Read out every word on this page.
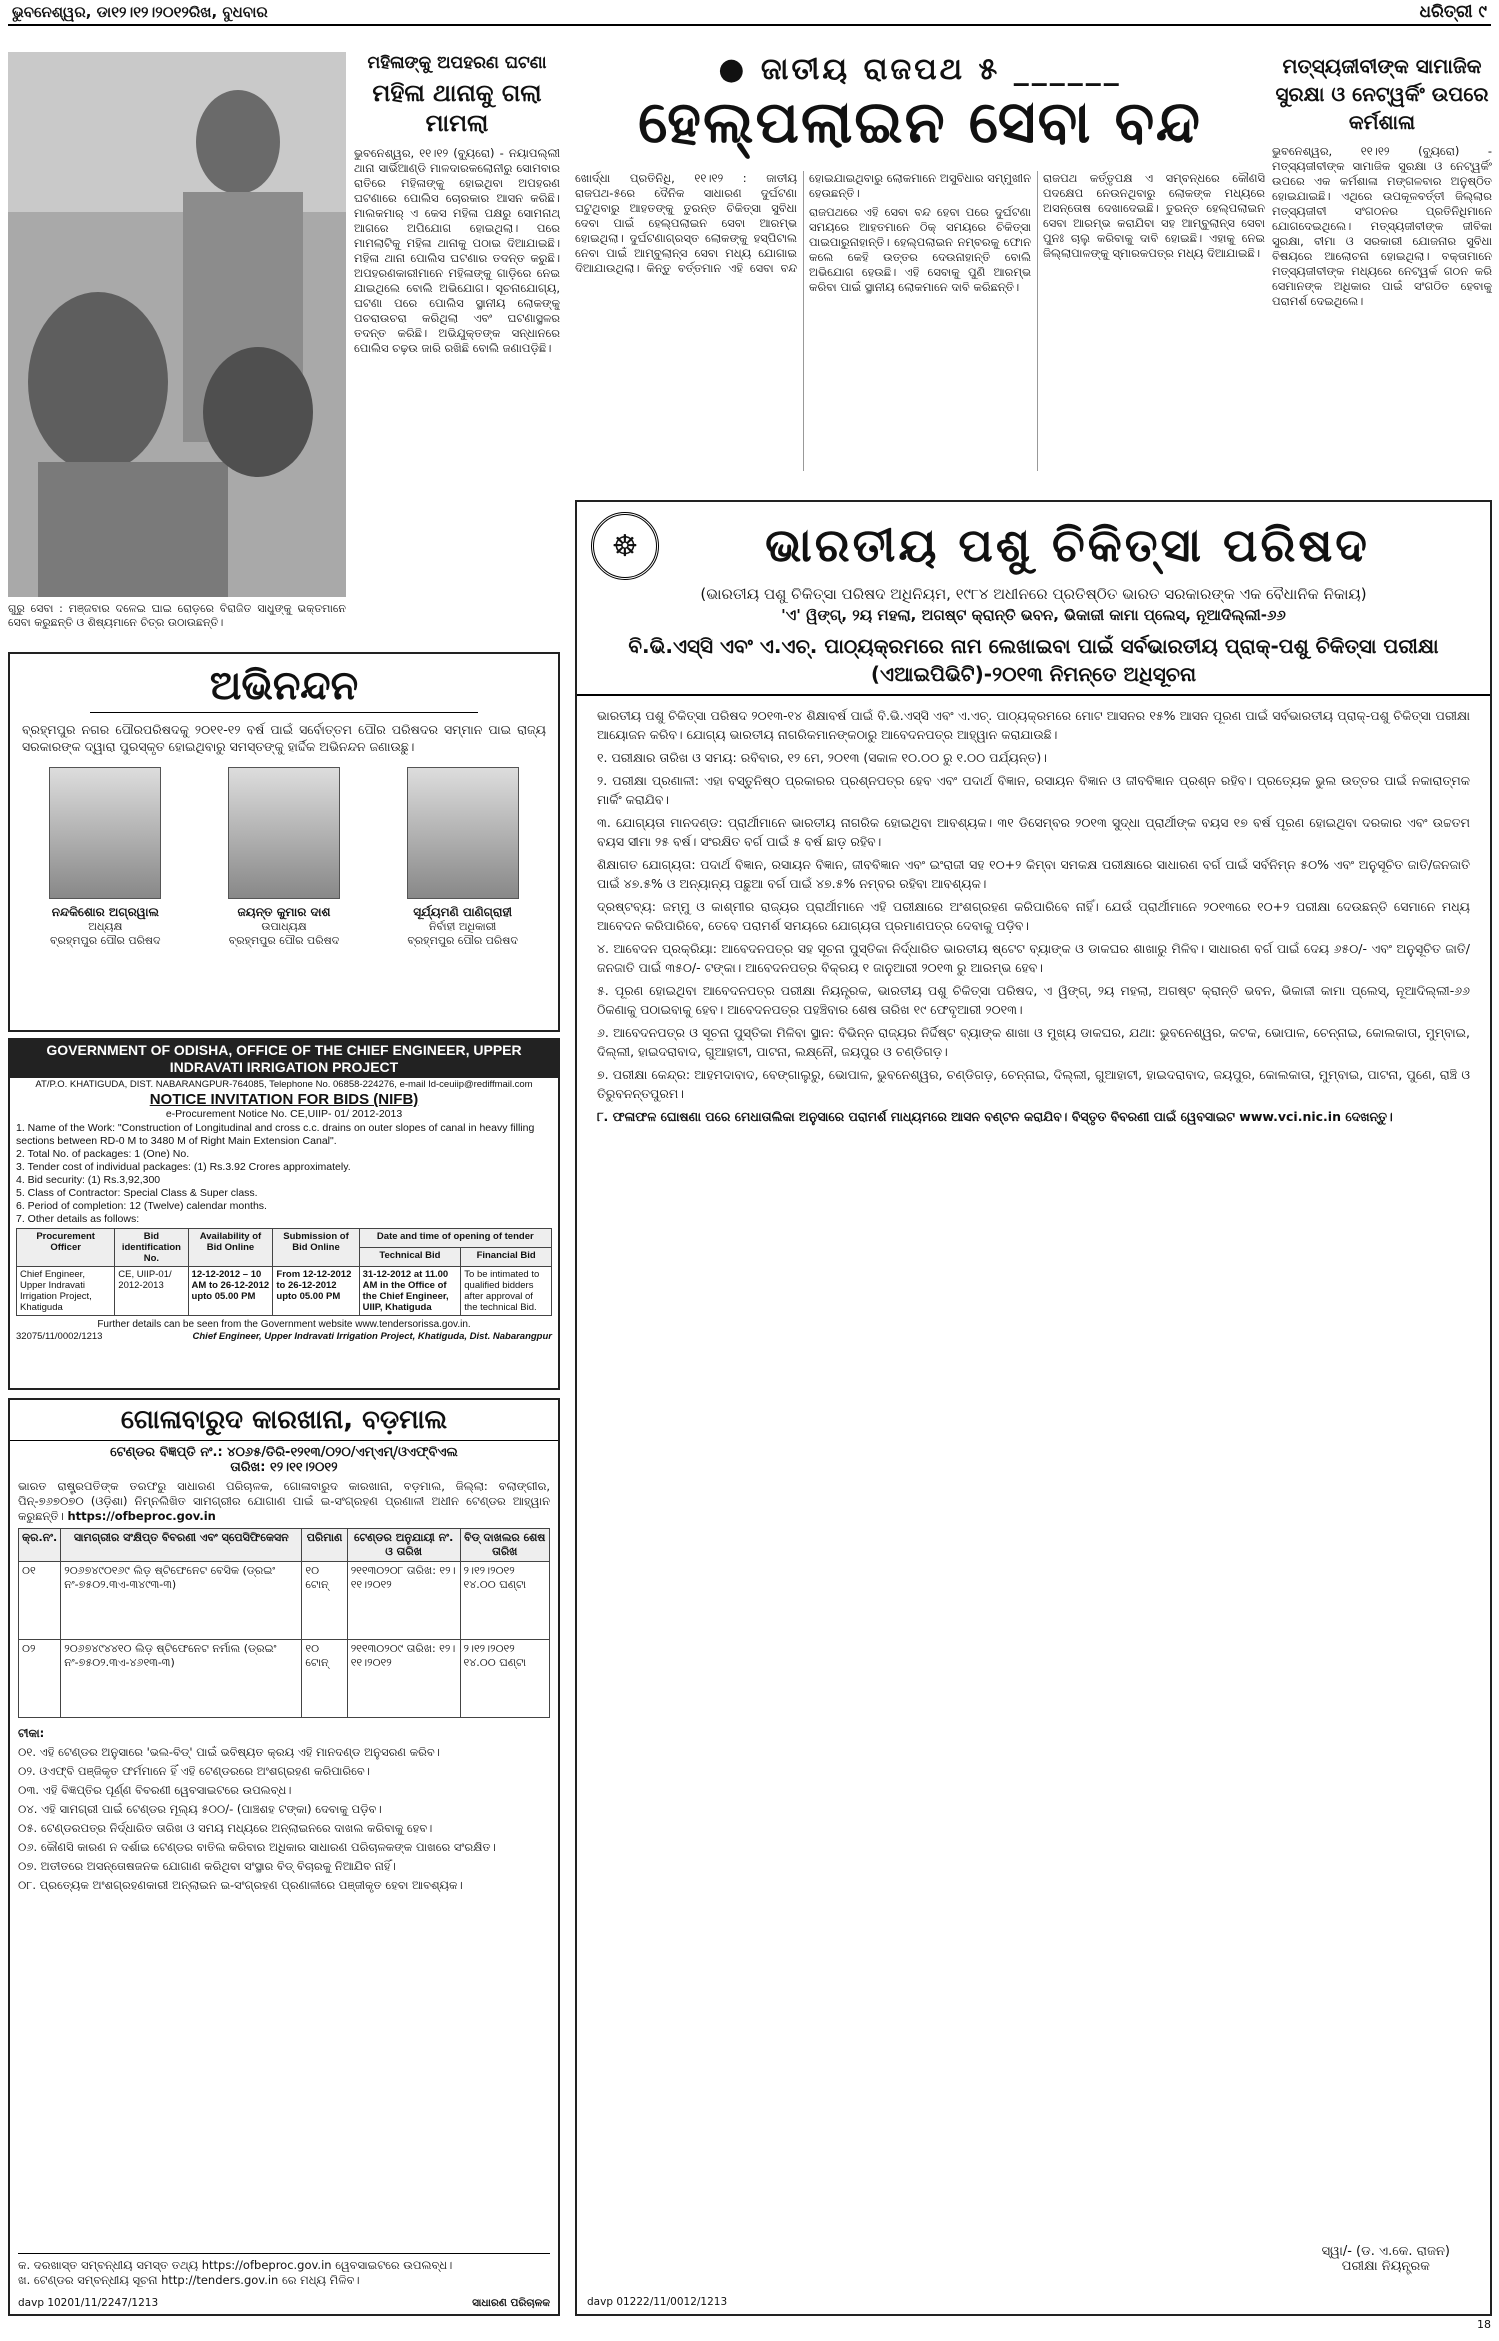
ଭୁବନେଶ୍ୱର, ଡା୧୨।୧୨।୨୦୧୨ରିଖ, ବୁଧବାର	ଧରିତ୍ରୀ ୯
ମହିଳାଙ୍କୁ ଅପହରଣ ଘଟଣା
ମହିଳା ଥାନାକୁ ଗଲା ମାମଲା
ଭୁବନେଶ୍ୱର, ୧୧।୧୨ (ବ୍ୟୁରୋ) - ନୟାପଲ୍ଲୀ ଥାନା ସାର୍ଭିଆଣ୍ଡି ମାଳଦାରକଲୋନୀରୁ ସୋମବାର ରାତିରେ ମହିଳାଙ୍କୁ ହୋଇଥିବା ଅପହରଣ ଘଟଣାରେ ପୋଲିସ ଚୋରକାର ଆସନ କରିଛି। ମାଲକମାର୍ ଏ କେସ ମହିଳା ପକ୍ଷରୁ ସୋମନାଥ୍ ଆଗରେ ଅପିଯୋଗ ହୋଇଥିଲା। ପରେ ମାମଲାଟିକୁ ମହିଳା ଥାନାକୁ ପଠାଇ ଦିଆଯାଇଛି। ମହିଳା ଥାନା ପୋଲିସ ଘଟଣାର ତଦନ୍ତ କରୁଛି। ଅପହରଣକାରୀମାନେ ମହିଳାଙ୍କୁ ଗାଡ଼ିରେ ନେଇ ଯାଇଥିଲେ ବୋଲି ଅଭିଯୋଗ। ସୂଚନାଯୋଗ୍ୟ, ଘଟଣା ପରେ ପୋଲିସ ସ୍ଥାନୀୟ ଲୋକଙ୍କୁ ପଚରାଉଚରା କରିଥିଲା ଏବଂ ଘଟଣାସ୍ଥଳର ତଦନ୍ତ କରିଛି। ଅଭିଯୁକ୍ତଙ୍କ ସନ୍ଧାନରେ ପୋଲିସ ଚଢ଼ଉ ଜାରି ରଖିଛି ବୋଲି ଜଣାପଡ଼ିଛି।
ଗୁରୁ ସେବା : ମଞ୍ଜବାର ଦଳେଇ ଘାଇ ରୋଡ଼ରେ ବିରାଜିତ ସାଧୁଙ୍କୁ ଭକ୍ତମାନେ ସେବା କରୁଛନ୍ତି ଓ ଶିଷ୍ୟମାନେ ଚିତ୍ର ଉଠାଉଛନ୍ତି।
● ଜାତୀୟ ରାଜପଥ ୫ ______
ହେଲ୍‌ପଲାଇନ ସେବା ବନ୍ଦ

ଖୋର୍ଦ୍ଧା ପ୍ରତିନିଧି, ୧୧।୧୨ : ଜାତୀୟ ରାଜପଥ-୫ରେ ଦୈନିକ ସାଧାରଣ ଦୁର୍ଘଟଣା ଘଟୁଥିବାରୁ ଆହତଙ୍କୁ ତୁରନ୍ତ ଚିକିତ୍ସା ସୁବିଧା ଦେବା ପାଇଁ ହେଲ୍‌ପଲାଇନ ସେବା ଆରମ୍ଭ ହୋଇଥିଲା। ଦୁର୍ଘଟଣାଗ୍ରସ୍ତ ଲୋକଙ୍କୁ ହସ୍ପିଟାଲ ନେବା ପାଇଁ ଆମ୍ବୁଲାନ୍ସ ସେବା ମଧ୍ୟ ଯୋଗାଇ ଦିଆଯାଉଥିଲା। କିନ୍ତୁ ବର୍ତ୍ତମାନ ଏହି ସେବା ବନ୍ଦ ହୋଇଯାଇଥିବାରୁ ଲୋକମାନେ ଅସୁବିଧାର ସମ୍ମୁଖୀନ ହେଉଛନ୍ତି।

ରାଜପଥରେ ଏହି ସେବା ବନ୍ଦ ହେବା ପରେ ଦୁର୍ଘଟଣା ସମୟରେ ଆହତମାନେ ଠିକ୍ ସମୟରେ ଚିକିତ୍ସା ପାଇପାରୁନାହାନ୍ତି। ହେଲ୍‌ପଲାଇନ ନମ୍ବରକୁ ଫୋନ କଲେ କେହି ଉତ୍ତର ଦେଉନାହାନ୍ତି ବୋଲି ଅଭିଯୋଗ ହେଉଛି। ଏହି ସେବାକୁ ପୁଣି ଆରମ୍ଭ କରିବା ପାଇଁ ସ୍ଥାନୀୟ ଲୋକମାନେ ଦାବି କରିଛନ୍ତି।

ରାଜପଥ କର୍ତ୍ତୃପକ୍ଷ ଏ ସମ୍ବନ୍ଧରେ କୌଣସି ପଦକ୍ଷେପ ନେଉନଥିବାରୁ ଲୋକଙ୍କ ମଧ୍ୟରେ ଅସନ୍ତୋଷ ଦେଖାଦେଇଛି। ତୁରନ୍ତ ହେଲ୍‌ପଲାଇନ ସେବା ଆରମ୍ଭ କରାଯିବା ସହ ଆମ୍ବୁଲାନ୍ସ ସେବା ପୁନଃ ଚାଲୁ କରିବାକୁ ଦାବି ହୋଇଛି। ଏହାକୁ ନେଇ ଜିଲ୍ଲାପାଳଙ୍କୁ ସ୍ମାରକପତ୍ର ମଧ୍ୟ ଦିଆଯାଇଛି।

ମତ୍ସ୍ୟଜୀବୀଙ୍କ ସାମାଜିକ ସୁରକ୍ଷା ଓ ନେଟ୍‌ୱର୍କିଂ ଉପରେ କର୍ମଶାଳା
ଭୁବନେଶ୍ୱର, ୧୧।୧୨ (ବ୍ୟୁରୋ) - ମତ୍ସ୍ୟଜୀବୀଙ୍କ ସାମାଜିକ ସୁରକ୍ଷା ଓ ନେଟ୍‌ୱର୍କିଂ ଉପରେ ଏକ କର୍ମଶାଳା ମଙ୍ଗଳବାର ଅନୁଷ୍ଠିତ ହୋଇଯାଇଛି। ଏଥିରେ ଉପକୂଳବର୍ତ୍ତୀ ଜିଲ୍ଲାର ମତ୍ସ୍ୟଜୀବୀ ସଂଗଠନର ପ୍ରତିନିଧିମାନେ ଯୋଗଦେଇଥିଲେ। ମତ୍ସ୍ୟଜୀବୀଙ୍କ ଜୀବିକା ସୁରକ୍ଷା, ବୀମା ଓ ସରକାରୀ ଯୋଜନାର ସୁବିଧା ବିଷୟରେ ଆଲୋଚନା ହୋଇଥିଲା। ବକ୍ତାମାନେ ମତ୍ସ୍ୟଜୀବୀଙ୍କ ମଧ୍ୟରେ ନେଟ୍‌ୱର୍କ ଗଠନ କରି ସେମାନଙ୍କ ଅଧିକାର ପାଇଁ ସଂଗଠିତ ହେବାକୁ ପରାମର୍ଶ ଦେଇଥିଲେ।
ଅଭିନନ୍ଦନ
ବ୍ରହ୍ମପୁର ନଗର ପୌରପରିଷଦକୁ ୨୦୧୧-୧୨ ବର୍ଷ ପାଇଁ ସର୍ବୋତ୍ତମ ପୌର ପରିଷଦର ସମ୍ମାନ ପାଇ ରାଜ୍ୟ ସରକାରଙ୍କ ଦ୍ୱାରା ପୁରସ୍କୃତ ହୋଇଥିବାରୁ ସମସ୍ତଙ୍କୁ ହାର୍ଦ୍ଦିକ ଅଭିନନ୍ଦନ ଜଣାଉଛୁ।
ନନ୍ଦକିଶୋର ଅଗ୍ରୱାଲ
ଅଧ୍ୟକ୍ଷ
ବ୍ରହ୍ମପୁର ପୌର ପରିଷଦ
ଜୟନ୍ତ କୁମାର ଦାଶ
ଉପାଧ୍ୟକ୍ଷ
ବ୍ରହ୍ମପୁର ପୌର ପରିଷଦ
ସୂର୍ଯ୍ୟମଣି ପାଣିଗ୍ରାହୀ
ନିର୍ବାହୀ ଅଧିକାରୀ
ବ୍ରହ୍ମପୁର ପୌର ପରିଷଦ
GOVERNMENT OF ODISHA, OFFICE OF THE CHIEF ENGINEER, UPPER INDRAVATI IRRIGATION PROJECT
AT/P.O. KHATIGUDA, DIST. NABARANGPUR-764085, Telephone No. 06858-224276, e-mail Id-ceuiip@rediffmail.com
NOTICE INVITATION FOR BIDS (NIFB)
e-Procurement Notice No. CE,UIIP- 01/ 2012-2013
1. Name of the Work: "Construction of Longitudinal and cross c.c. drains on outer slopes of canal in heavy filling sections between RD-0 M to 3480 M of Right Main Extension Canal".
2. Total No. of packages: 1 (One) No.
3. Tender cost of individual packages: (1) Rs.3.92 Crores approximately.
4. Bid security: (1) Rs.3,92,300
5. Class of Contractor: Special Class & Super class.
6. Period of completion: 12 (Twelve) calendar months.
7. Other details as follows:
Procurement Officer	Bid identification No.	Availability of Bid Online	Submission of Bid Online	Date and time of opening of tender	
				Technical Bid	Financial Bid
Chief Engineer, Upper Indravati Irrigation Project, Khatiguda	CE, UIIP-01/ 2012-2013	12-12-2012 – 10 AM to 26-12-2012 upto 05.00 PM	From 12-12-2012 to 26-12-2012 upto 05.00 PM	31-12-2012 at 11.00 AM in the Office of the Chief Engineer, UIIP, Khatiguda	To be intimated to qualified bidders after approval of the technical Bid.
Further details can be seen from the Government website www.tendersorissa.gov.in.
32075/11/0002/1213	Chief Engineer, Upper Indravati Irrigation Project, Khatiguda, Dist. Nabarangpur
ଗୋଳାବାରୁଦ କାରଖାନା, ବଡ଼ମାଲ
ଟେଣ୍ଡର ବିଜ୍ଞପ୍ତି ନଂ.: ୪୦୬୫/ତିରି-୧୨୧୩/୦୨୦/ଏମ୍‌ଏମ୍/ଓଏଫ୍‌ବିଏଲ
ତାରିଖ: ୧୨।୧୧।୨୦୧୨
ଭାରତ ରାଷ୍ଟ୍ରପତିଙ୍କ ତରଫରୁ ସାଧାରଣ ପରିଚାଳକ, ଗୋଳାବାରୁଦ କାରଖାନା, ବଡ଼ମାଲ, ଜିଲ୍ଲା: ବଲାଙ୍ଗୀର, ପିନ୍-୭୬୭୦୭୦ (ଓଡ଼ିଶା) ନିମ୍ନଲିଖିତ ସାମଗ୍ରୀର ଯୋଗାଣ ପାଇଁ ଇ-ସଂଗ୍ରହଣ ପ୍ରଣାଳୀ ଅଧୀନ ଟେଣ୍ଡର ଆହ୍ୱାନ କରୁଛନ୍ତି। https://ofbeproc.gov.in
କ୍ର.ନଂ.	ସାମଗ୍ରୀର ସଂକ୍ଷିପ୍ତ ବିବରଣୀ ଏବଂ ସ୍ପେସିଫିକେସନ	ପରିମାଣ	ଟେଣ୍ଡର ଅନୁଯାୟୀ ନଂ. ଓ ତାରିଖ	ବିଡ୍ ଦାଖଲର ଶେଷ ତାରିଖ
୦୧	୨୦୬୭୪୯୦୧୬୯ ଲିଡ଼ ଷ୍ଟିଫେନେଟ ବେସିକ (ଡ୍ରଇଂ ନଂ-୭୫୦୨.୩ଏ-୩୪୯୩-୩)	୧୦ ଟୋନ୍	୨୧୧୩୦୨୦୮ ତାରିଖ: ୧୨।୧୧।୨୦୧୨	୨।୧୨।୨୦୧୨ ୧୪.୦୦ ଘଣ୍ଟା
୦୨	୨୦୬୭୪୯୪୪୧୦ ଲିଡ଼ ଷ୍ଟିଫେନେଟ ନର୍ମାଲ (ଡ୍ରଇଂ ନଂ-୭୫୦୨.୩ଏ-୪୬୧୩-୩)	୧୦ ଟୋନ୍	୨୧୧୩୦୨୦୯ ତାରିଖ: ୧୨।୧୧।୨୦୧୨	୨।୧୨।୨୦୧୨ ୧୪.୦୦ ଘଣ୍ଟା
ଟୀକା:
୦୧. ଏହି ଟେଣ୍ଡର ଅନୁସାରେ 'ଭଲ-ବିଡ୍' ପାଇଁ ଭବିଷ୍ୟତ କ୍ରୟ ଏହି ମାନଦଣ୍ଡ ଅନୁସରଣ କରିବ।
୦୨. ଓଏଫ୍‌ବି ପଞ୍ଜିକୃତ ଫର୍ମମାନେ ହିଁ ଏହି ଟେଣ୍ଡରରେ ଅଂଶଗ୍ରହଣ କରିପାରିବେ।
୦୩. ଏହି ବିଜ୍ଞପ୍ତିର ପୂର୍ଣ୍ଣ ବିବରଣୀ ୱେବସାଇଟରେ ଉପଲବ୍ଧ।
୦୪. ଏହି ସାମଗ୍ରୀ ପାଇଁ ଟେଣ୍ଡର ମୂଲ୍ୟ ୫୦୦/- (ପାଞ୍ଚଶହ ଟଙ୍କା) ଦେବାକୁ ପଡ଼ିବ।
୦୫. ଟେଣ୍ଡରପତ୍ର ନିର୍ଦ୍ଧାରିତ ତାରିଖ ଓ ସମୟ ମଧ୍ୟରେ ଅନ୍‌ଲାଇନରେ ଦାଖଲ କରିବାକୁ ହେବ।
୦୬. କୌଣସି କାରଣ ନ ଦର୍ଶାଇ ଟେଣ୍ଡର ବାତିଲ କରିବାର ଅଧିକାର ସାଧାରଣ ପରିଚାଳକଙ୍କ ପାଖରେ ସଂରକ୍ଷିତ।
୦୭. ଅତୀତରେ ଅସନ୍ତୋଷଜନକ ଯୋଗାଣ କରିଥିବା ସଂସ୍ଥାର ବିଡ୍ ବିଚାରକୁ ନିଆଯିବ ନାହିଁ।
୦୮. ପ୍ରତ୍ୟେକ ଅଂଶଗ୍ରହଣକାରୀ ଅନ୍‌ଲାଇନ ଇ-ସଂଗ୍ରହଣ ପ୍ରଣାଳୀରେ ପଞ୍ଜୀକୃତ ହେବା ଆବଶ୍ୟକ।
କ. ଦରଖାସ୍ତ ସମ୍ବନ୍ଧୀୟ ସମସ୍ତ ତଥ୍ୟ https://ofbeproc.gov.in ୱେବସାଇଟରେ ଉପଲବ୍ଧ।
ଖ. ଟେଣ୍ଡର ସମ୍ବନ୍ଧୀୟ ସୂଚନା http://tenders.gov.in ରେ ମଧ୍ୟ ମିଳିବ।
davp 10201/11/2247/1213	ସାଧାରଣ ପରିଚାଳକ
☸	ଭାରତୀୟ ପଶୁ ଚିକିତ୍ସା ପରିଷଦ
(ଭାରତୀୟ ପଶୁ ଚିକିତ୍ସା ପରିଷଦ ଅଧିନିୟମ, ୧୯୮୪ ଅଧୀନରେ ପ୍ରତିଷ୍ଠିତ ଭାରତ ସରକାରଙ୍କ ଏକ ବୈଧାନିକ ନିକାୟ)
'ଏ' ୱିଙ୍ଗ୍, ୨ୟ ମହଲା, ଅଗଷ୍ଟ କ୍ରାନ୍ତି ଭବନ, ଭିକାଜୀ କାମା ପ୍ଲେସ୍, ନୂଆଦିଲ୍ଲୀ-୬୬
ବି.ଭି.ଏସ୍‌ସି ଏବଂ ଏ.ଏଚ୍. ପାଠ୍ୟକ୍ରମରେ ନାମ ଲେଖାଇବା ପାଇଁ ସର୍ବଭାରତୀୟ ପ୍ରାକ୍-ପଶୁ ଚିକିତ୍ସା ପରୀକ୍ଷା (ଏଆଇପିଭିଟି)-୨୦୧୩ ନିମନ୍ତେ ଅଧିସୂଚନା

ଭାରତୀୟ ପଶୁ ଚିକିତ୍ସା ପରିଷଦ ୨୦୧୩-୧୪ ଶିକ୍ଷାବର୍ଷ ପାଇଁ ବି.ଭି.ଏସ୍‌ସି ଏବଂ ଏ.ଏଚ୍. ପାଠ୍ୟକ୍ରମରେ ମୋଟ ଆସନର ୧୫% ଆସନ ପୂରଣ ପାଇଁ ସର୍ବଭାରତୀୟ ପ୍ରାକ୍-ପଶୁ ଚିକିତ୍ସା ପରୀକ୍ଷା ଆୟୋଜନ କରିବ। ଯୋଗ୍ୟ ଭାରତୀୟ ନାଗରିକମାନଙ୍କଠାରୁ ଆବେଦନପତ୍ର ଆହ୍ୱାନ କରାଯାଉଛି।

୧. ପରୀକ୍ଷାର ତାରିଖ ଓ ସମୟ: ରବିବାର, ୧୨ ମେ, ୨୦୧୩ (ସକାଳ ୧୦.୦୦ ରୁ ୧.୦୦ ପର୍ଯ୍ୟନ୍ତ)।

୨. ପରୀକ୍ଷା ପ୍ରଣାଳୀ: ଏହା ବସ୍ତୁନିଷ୍ଠ ପ୍ରକାରର ପ୍ରଶ୍ନପତ୍ର ହେବ ଏବଂ ପଦାର୍ଥ ବିଜ୍ଞାନ, ରସାୟନ ବିଜ୍ଞାନ ଓ ଜୀବବିଜ୍ଞାନ ପ୍ରଶ୍ନ ରହିବ। ପ୍ରତ୍ୟେକ ଭୁଲ ଉତ୍ତର ପାଇଁ ନକାରାତ୍ମକ ମାର୍କିଂ କରାଯିବ।

୩. ଯୋଗ୍ୟତା ମାନଦଣ୍ଡ: ପ୍ରାର୍ଥୀମାନେ ଭାରତୀୟ ନାଗରିକ ହୋଇଥିବା ଆବଶ୍ୟକ। ୩୧ ଡିସେମ୍ବର ୨୦୧୩ ସୁଦ୍ଧା ପ୍ରାର୍ଥୀଙ୍କ ବୟସ ୧୭ ବର୍ଷ ପୂରଣ ହୋଇଥିବା ଦରକାର ଏବଂ ଉଚ୍ଚତମ ବୟସ ସୀମା ୨୫ ବର୍ଷ। ସଂରକ୍ଷିତ ବର୍ଗ ପାଇଁ ୫ ବର୍ଷ ଛାଡ଼ ରହିବ।

ଶିକ୍ଷାଗତ ଯୋଗ୍ୟତା: ପଦାର୍ଥ ବିଜ୍ଞାନ, ରସାୟନ ବିଜ୍ଞାନ, ଜୀବବିଜ୍ଞାନ ଏବଂ ଇଂରାଜୀ ସହ ୧୦+୨ କିମ୍ବା ସମକକ୍ଷ ପରୀକ୍ଷାରେ ସାଧାରଣ ବର୍ଗ ପାଇଁ ସର୍ବନିମ୍ନ ୫୦% ଏବଂ ଅନୁସୂଚିତ ଜାତି/ଜନଜାତି ପାଇଁ ୪୭.୫% ଓ ଅନ୍ୟାନ୍ୟ ପଛୁଆ ବର୍ଗ ପାଇଁ ୪୭.୫% ନମ୍ବର ରହିବା ଆବଶ୍ୟକ।

ଦ୍ରଷ୍ଟବ୍ୟ: ଜମ୍ମୁ ଓ କାଶ୍ମୀର ରାଜ୍ୟର ପ୍ରାର୍ଥୀମାନେ ଏହି ପରୀକ୍ଷାରେ ଅଂଶଗ୍ରହଣ କରିପାରିବେ ନାହିଁ। ଯେଉଁ ପ୍ରାର୍ଥୀମାନେ ୨୦୧୩ରେ ୧୦+୨ ପରୀକ୍ଷା ଦେଉଛନ୍ତି ସେମାନେ ମଧ୍ୟ ଆବେଦନ କରିପାରିବେ, ତେବେ ପରାମର୍ଶ ସମୟରେ ଯୋଗ୍ୟତା ପ୍ରମାଣପତ୍ର ଦେବାକୁ ପଡ଼ିବ।

୪. ଆବେଦନ ପ୍ରକ୍ରିୟା: ଆବେଦନପତ୍ର ସହ ସୂଚନା ପୁସ୍ତିକା ନିର୍ଦ୍ଧାରିତ ଭାରତୀୟ ଷ୍ଟେଟ ବ୍ୟାଙ୍କ ଓ ଡାକଘର ଶାଖାରୁ ମିଳିବ। ସାଧାରଣ ବର୍ଗ ପାଇଁ ଦେୟ ୬୫୦/- ଏବଂ ଅନୁସୂଚିତ ଜାତି/ଜନଜାତି ପାଇଁ ୩୫୦/- ଟଙ୍କା। ଆବେଦନପତ୍ର ବିକ୍ରୟ ୧ ଜାନୁଆରୀ ୨୦୧୩ ରୁ ଆରମ୍ଭ ହେବ।

୫. ପୂରଣ ହୋଇଥିବା ଆବେଦନପତ୍ର ପରୀକ୍ଷା ନିୟନ୍ତ୍ରକ, ଭାରତୀୟ ପଶୁ ଚିକିତ୍ସା ପରିଷଦ, ଏ ୱିଙ୍ଗ୍, ୨ୟ ମହଲା, ଅଗଷ୍ଟ କ୍ରାନ୍ତି ଭବନ, ଭିକାଜୀ କାମା ପ୍ଲେସ୍, ନୂଆଦିଲ୍ଲୀ-୬୬ ଠିକଣାକୁ ପଠାଇବାକୁ ହେବ। ଆବେଦନପତ୍ର ପହଞ୍ଚିବାର ଶେଷ ତାରିଖ ୧୯ ଫେବୃଆରୀ ୨୦୧୩।

୬. ଆବେଦନପତ୍ର ଓ ସୂଚନା ପୁସ୍ତିକା ମିଳିବା ସ୍ଥାନ: ବିଭିନ୍ନ ରାଜ୍ୟର ନିର୍ଦ୍ଦିଷ୍ଟ ବ୍ୟାଙ୍କ ଶାଖା ଓ ମୁଖ୍ୟ ଡାକଘର, ଯଥା: ଭୁବନେଶ୍ୱର, କଟକ, ଭୋପାଳ, ଚେନ୍ନାଇ, କୋଲକାତା, ମୁମ୍ବାଇ, ଦିଲ୍ଲୀ, ହାଇଦରାବାଦ, ଗୁଆହାଟୀ, ପାଟନା, ଲକ୍ଷ୍ନୌ, ଜୟପୁର ଓ ଚଣ୍ଡିଗଡ଼।

୭. ପରୀକ୍ଷା କେନ୍ଦ୍ର: ଆହମଦାବାଦ, ବେଙ୍ଗାଲୁରୁ, ଭୋପାଳ, ଭୁବନେଶ୍ୱର, ଚଣ୍ଡିଗଡ଼, ଚେନ୍ନାଇ, ଦିଲ୍ଲୀ, ଗୁଆହାଟୀ, ହାଇଦରାବାଦ, ଜୟପୁର, କୋଲକାତା, ମୁମ୍ବାଇ, ପାଟନା, ପୁଣେ, ରାଞ୍ଚି ଓ ତିରୁବନନ୍ତପୁରମ।

୮. ଫଳାଫଳ ଘୋଷଣା ପରେ ମେଧାତାଲିକା ଅନୁସାରେ ପରାମର୍ଶ ମାଧ୍ୟମରେ ଆସନ ବଣ୍ଟନ କରାଯିବ। ବିସ୍ତୃତ ବିବରଣୀ ପାଇଁ ୱେବସାଇଟ www.vci.nic.in ଦେଖନ୍ତୁ।

ସ୍ୱା/- (ଡ. ଏ.କେ. ରାଜନ)
ପରୀକ୍ଷା ନିୟନ୍ତ୍ରକ
davp 01222/11/0012/1213
18
